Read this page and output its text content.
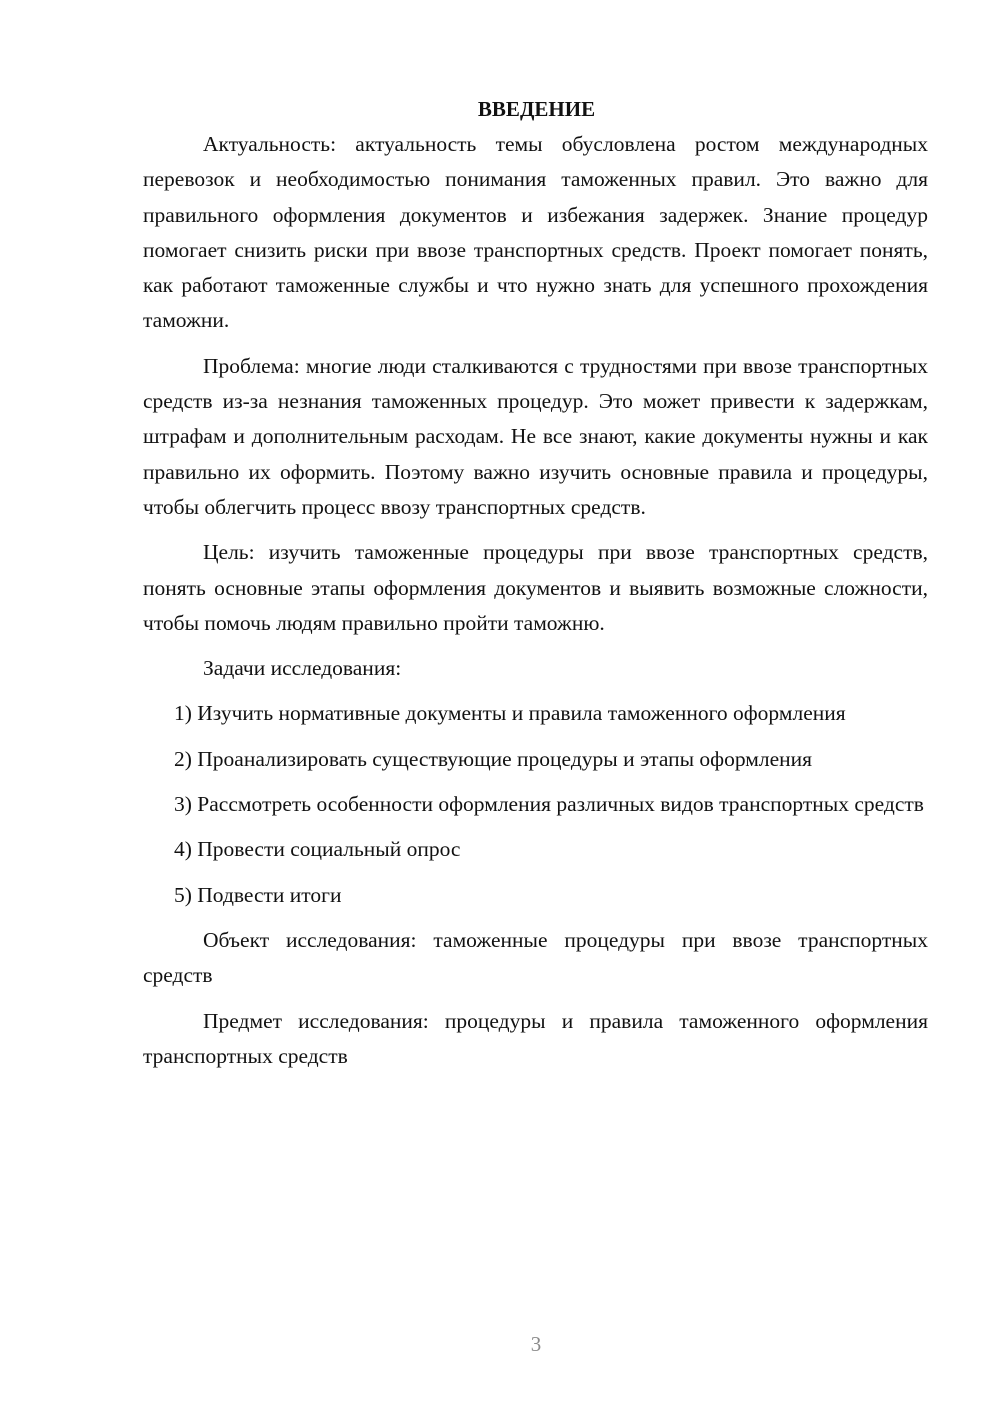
ВВЕДЕНИЕ

Актуальность: актуальность темы обусловлена ростом международных перевозок и необходимостью понимания таможенных правил. Это важно для правильного оформления документов и избежания задержек. Знание процедур помогает снизить риски при ввозе транспортных средств. Проект помогает понять, как работают таможенные службы и что нужно знать для успешного прохождения таможни.

Проблема: многие люди сталкиваются с трудностями при ввозе транспортных средств из-за незнания таможенных процедур. Это может привести к задержкам, штрафам и дополнительным расходам. Не все знают, какие документы нужны и как правильно их оформить. Поэтому важно изучить основные правила и процедуры, чтобы облегчить процесс ввозу транспортных средств.

Цель: изучить таможенные процедуры при ввозе транспортных средств, понять основные этапы оформления документов и выявить возможные сложности, чтобы помочь людям правильно пройти таможню.

Задачи исследования:

1) Изучить нормативные документы и правила таможенного оформления

2) Проанализировать существующие процедуры и этапы оформления

3) Рассмотреть особенности оформления различных видов транспортных средств

4) Провести социальный опрос

5) Подвести итоги

Объект исследования: таможенные процедуры при ввозе транспортных средств

Предмет исследования: процедуры и правила таможенного оформления транспортных средств

3
